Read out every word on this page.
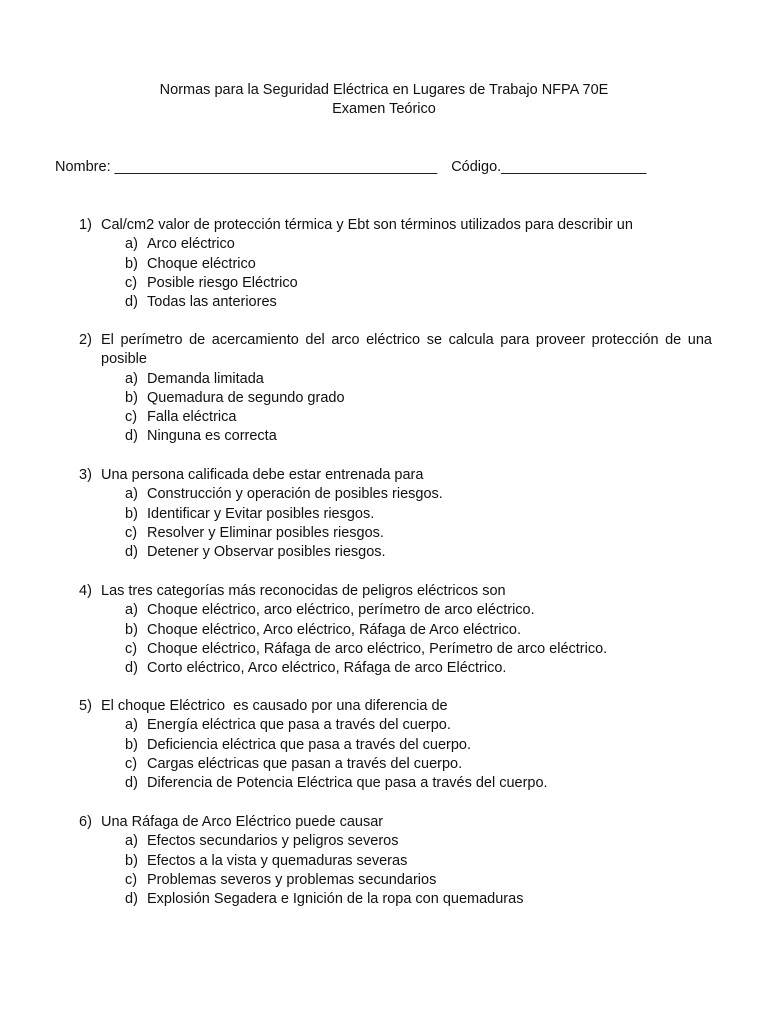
Normas para la Seguridad Eléctrica en Lugares de Trabajo NFPA 70E
Examen Teórico
Nombre: ________________________________________ Código.__________________
1) Cal/cm2 valor de protección térmica y Ebt son términos utilizados para describir un
a) Arco eléctrico
b) Choque eléctrico
c) Posible riesgo Eléctrico
d) Todas las anteriores
2) El perímetro de acercamiento del arco eléctrico se calcula para proveer protección de una posible
a) Demanda limitada
b) Quemadura de segundo grado
c) Falla eléctrica
d) Ninguna es correcta
3) Una persona calificada debe estar entrenada para
a) Construcción y operación de posibles riesgos.
b) Identificar y Evitar posibles riesgos.
c) Resolver y Eliminar posibles riesgos.
d) Detener y Observar posibles riesgos.
4) Las tres categorías más reconocidas de peligros eléctricos son
a) Choque eléctrico, arco eléctrico, perímetro de arco eléctrico.
b) Choque eléctrico, Arco eléctrico, Ráfaga de Arco eléctrico.
c) Choque eléctrico, Ráfaga de arco eléctrico, Perímetro de arco eléctrico.
d) Corto eléctrico, Arco eléctrico, Ráfaga de arco Eléctrico.
5) El choque Eléctrico  es causado por una diferencia de
a) Energía eléctrica que pasa a través del cuerpo.
b) Deficiencia eléctrica que pasa a través del cuerpo.
c) Cargas eléctricas que pasan a través del cuerpo.
d) Diferencia de Potencia Eléctrica que pasa a través del cuerpo.
6) Una Ráfaga de Arco Eléctrico puede causar
a) Efectos secundarios y peligros severos
b) Efectos a la vista y quemaduras severas
c) Problemas severos y problemas secundarios
d) Explosión Segadera e Ignición de la ropa con quemaduras
